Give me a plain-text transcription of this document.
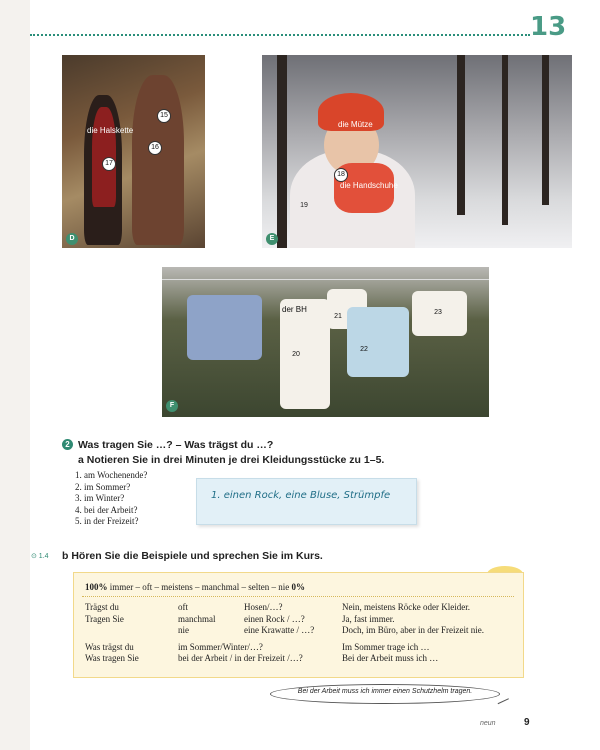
13
die Halskette
15
16
17
D
die Mütze
18
die Handschuhe
19
E
der BH
20
21
22
23
F
2 Was tragen Sie …? – Was trägst du …?
a Notieren Sie in drei Minuten je drei Kleidungsstücke zu 1–5.
1. am Wochenende?
2. im Sommer?
3. im Winter?
4. bei der Arbeit?
5. in der Freizeit?
1. einen Rock, eine Bluse, Strümpfe
⊙ 1.4 b Hören Sie die Beispiele und sprechen Sie im Kurs.
100% immer – oft – meistens – manchmal – selten – nie 0%
Trägst du
Tragen Sie

Was trägst du
Was tragen Sie
oft
manchmal
nie
im Sommer/Winter/…?
bei der Arbeit / in der Freizeit /…?
Hosen/…?
einen Rock / …?
eine Krawatte / …?
Nein, meistens Röcke oder Kleider.
Ja, fast immer.
Doch, im Büro, aber in der Freizeit nie.
Im Sommer trage ich …
Bei der Arbeit muss ich …
Bei der Arbeit muss ich immer einen Schutzhelm tragen.
neun	9
